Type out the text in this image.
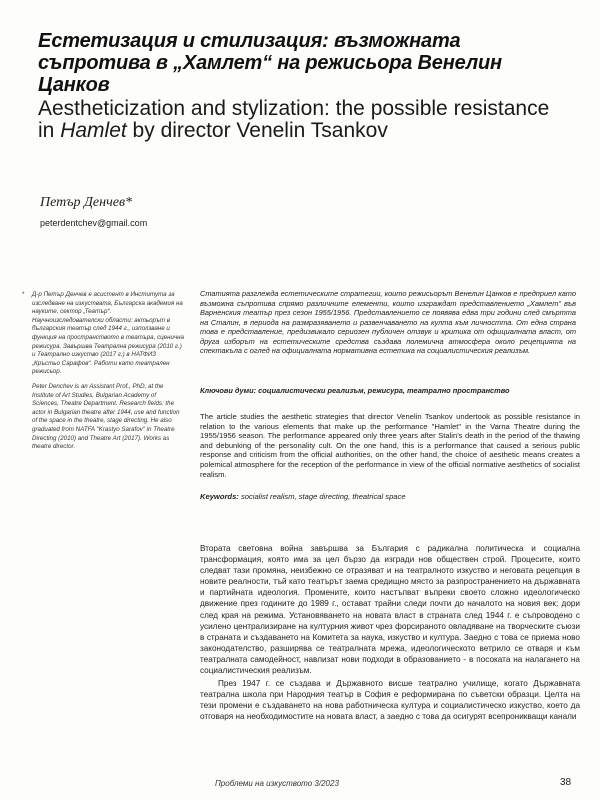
Естетизация и стилизация: възможната съпротива в „Хамлет“ на режисьора Венелин Цанков
Aestheticization and stylization: the possible resistance in Hamlet by director Venelin Tsankov
Петър Денчев*
peterdentchev@gmail.com
* Д-р Петър Денчев е асистент в Института за изследване на изкуствата, Българска академия на науките, сектор „Театър“. Научноизследователски области: актьорът в българския театър след 1944 г., използване и функция на пространството в театъра, сценична режисура. Завършва Театрална режисура (2010 г.) и Театрално изкуство (2017 г.) в НАТФИЗ „Кръстьо Сарафов“. Работи като театрален режисьор.

Peter Denchev is an Assistant Prof., PhD, at the Institute of Art Studies, Bulgarian Academy of Sciences, Theatre Department. Research fields: the actor in Bulgarian theatre after 1944, use and function of the space in the theatre, stage directing. He also graduated from NATFA "Krastyo Sarafov" in Theatre Directing (2010) and Theatre Art (2017). Works as theatre director.

Статията разглежда естетическите стратегии, които режисьорът Венелин Цанков е предприел като възможна съпротива спрямо различните елементи, които изграждат представлението „Хамлет“ във Варненския театър през сезон 1955/1956. Представлението се появява едва три години след смъртта на Сталин, в периода на размразяването и развенчаването на култа към личността. От една страна това е представление, предизвикало сериозен публичен отзвук и критика от официалната власт, от друга изборът на естетическите средства създава полемична атмосфера около рецепцията на спектакъла с оглед на официалната нормативна естетика на социалистическия реализъм.
Ключови думи: социалистически реализъм, режисура, театрално пространство
The article studies the aesthetic strategies that director Venelin Tsankov undertook as possible resistance in relation to the various elements that make up the performance "Hamlet" in the Varna Theatre during the 1955/1956 season. The performance appeared only three years after Stalin's death in the period of the thawing and debunking of the personality cult. On the one hand, this is a performance that caused a serious public response and criticism from the official authorities, on the other hand, the choice of aesthetic means creates a polemical atmosphere for the reception of the performance in view of the official normative aesthetics of socialist realism.
Keywords: socialist realism, stage directing, theatrical space

Втората световна война завършва за България с радикална политическа и социална трансформация, която има за цел бързо да изгради нов обществен строй. Процесите, които следват тази промяна, неизбежно се отразяват и на театралното изкуство и неговата рецепция в новите реалности, тъй като театърът заема средищно място за разпространението на държавната и партийната идеология. Промените, които настъпват въпреки своето сложно идеологическо движение през годините до 1989 г., остават трайни следи почти до началото на новия век; дори след края на режима. Установяването на новата власт в страната след 1944 г. е съпроводено с усилено централизиране на културния живот чрез форсираното овладяване на творческите съюзи в страната и създаването на Комитета за наука, изкуство и култура. Заедно с това се приема ново законодателство, разширява се театралната мрежа, идеологическото ветрило се отваря и към театралната самодейност, навлизат нови подходи в образованието - в посоката на налагането на социалистическия реализъм.

През 1947 г. се създава и Държавното висше театрално училище, когато Държавната театрална школа при Народния театър в София е реформирана по съветски образци. Целта на тези промени е създаването на нова работническа култура и социалистическо изкуство, което да отговаря на необходимостите на новата власт, а заедно с това да осигурят всепроникващи канали

Проблеми на изкуството 3/2023	38
